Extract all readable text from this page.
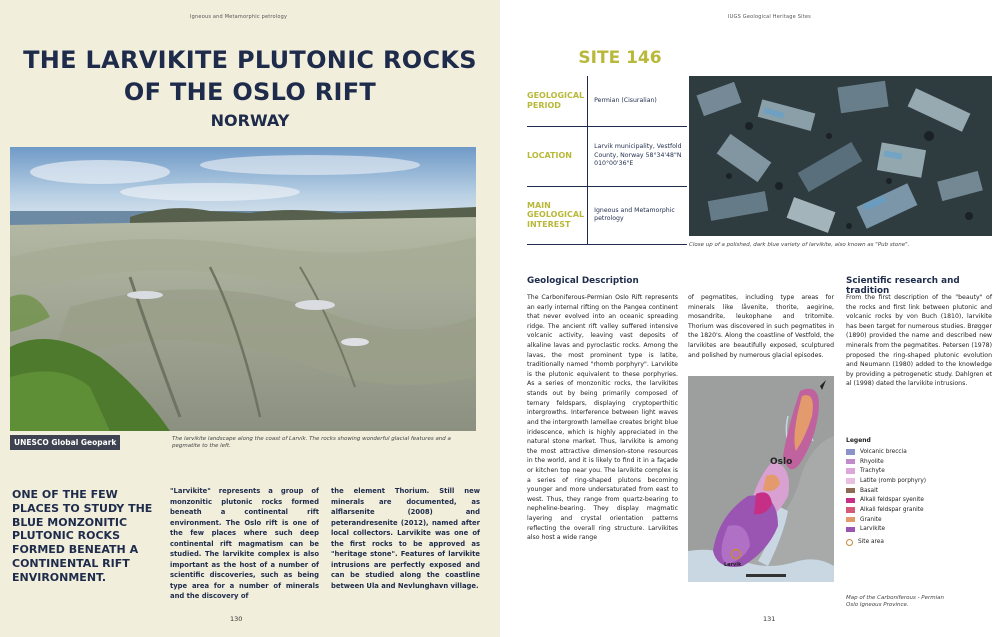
Igneous and Metamorphic petrology
THE LARVIKITE PLUTONIC ROCKS
OF THE OSLO RIFT
NORWAY
UNESCO Global Geopark	The larvikite landscape along the coast of Larvik. The rocks showing wonderful glacial features and a pegmatite to the left.
ONE OF THE FEW PLACES TO STUDY THE BLUE MONZONITIC PLUTONIC ROCKS FORMED BENEATH A CONTINENTAL RIFT ENVIRONMENT.
"Larvikite" represents a group of monzonitic plutonic rocks formed beneath a continental rift environment. The Oslo rift is one of the few places where such deep continental rift magmatism can be studied. The larvikite complex is also important as the host of a number of scientific discoveries, such as being type area for a number of minerals and the discovery of
the element Thorium. Still new minerals are documented, as alflarsenite (2008) and peterandresenite (2012), named after local collectors. Larvikite was one of the first rocks to be approved as "heritage stone". Features of larvikite intrusions are perfectly exposed and can be studied along the coastline between Ula and Nevlunghavn village.
130
IUGS Geological Heritage Sites
SITE 146
GEOLOGICAL PERIOD	Permian (Cisuralian)
LOCATION	Larvik municipality, Vestfold County, Norway 58°34'48"N 010°00'36"E
MAIN GEOLOGICAL INTEREST	Igneous and Metamorphic petrology
Close up of a polished, dark blue variety of larvikite, also known as "Pub stone".
Geological Description
The Carboniferous-Permian Oslo Rift represents an early internal rifting on the Pangea continent that never evolved into an oceanic spreading ridge. The ancient rift valley suffered intensive volcanic activity, leaving vast deposits of alkaline lavas and pyroclastic rocks. Among the lavas, the most prominent type is latite, traditionally named "rhomb porphyry". Larvikite is the plutonic equivalent to these porphyries. As a series of monzonitic rocks, the larvikites stands out by being primarily composed of ternary feldspars, displaying cryptoperthitic intergrowths. Interference between light waves and the intergrowth lamellae creates bright blue iridescence, which is highly appreciated in the natural stone market. Thus, larvikite is among the most attractive dimension-stone resources in the world, and it is likely to find it in a façade or kitchen top near you. The larvikite complex is a series of ring-shaped plutons becoming younger and more undersaturated from east to west. Thus, they range from quartz-bearing to nepheline-bearing. They display magmatic layering and crystal orientation patterns reflecting the overall ring structure. Larvikites also host a wide range
of pegmatites, including type areas for minerals like låvenite, thorite, aegirine, mosandrite, leukophane and tritomite. Thorium was discovered in such pegmatites in the 1820's. Along the coastline of Vestfold, the larvikites are beautifully exposed, sculptured and polished by numerous glacial episodes.
Oslo
Larvik
Scientific research and tradition
From the first description of the "beauty" of the rocks and first link between plutonic and volcanic rocks by von Buch (1810), larvikite has been target for numerous studies. Brøgger (1890) provided the name and described new minerals from the pegmatites. Petersen (1978) proposed the ring-shaped plutonic evolution and Neumann (1980) added to the knowledge by providing a petrogenetic study. Dahlgren et al (1998) dated the larvikite intrusions.
Legend
Volcanic breccia
Rhyolite
Trachyte
Latite (romb porphyry)
Basalt
Alkali feldspar syenite
Alkali feldspar granite
Granite
Larvikite
Site area
Map of the Carboniferous - Permian Oslo Igneous Province.
131
